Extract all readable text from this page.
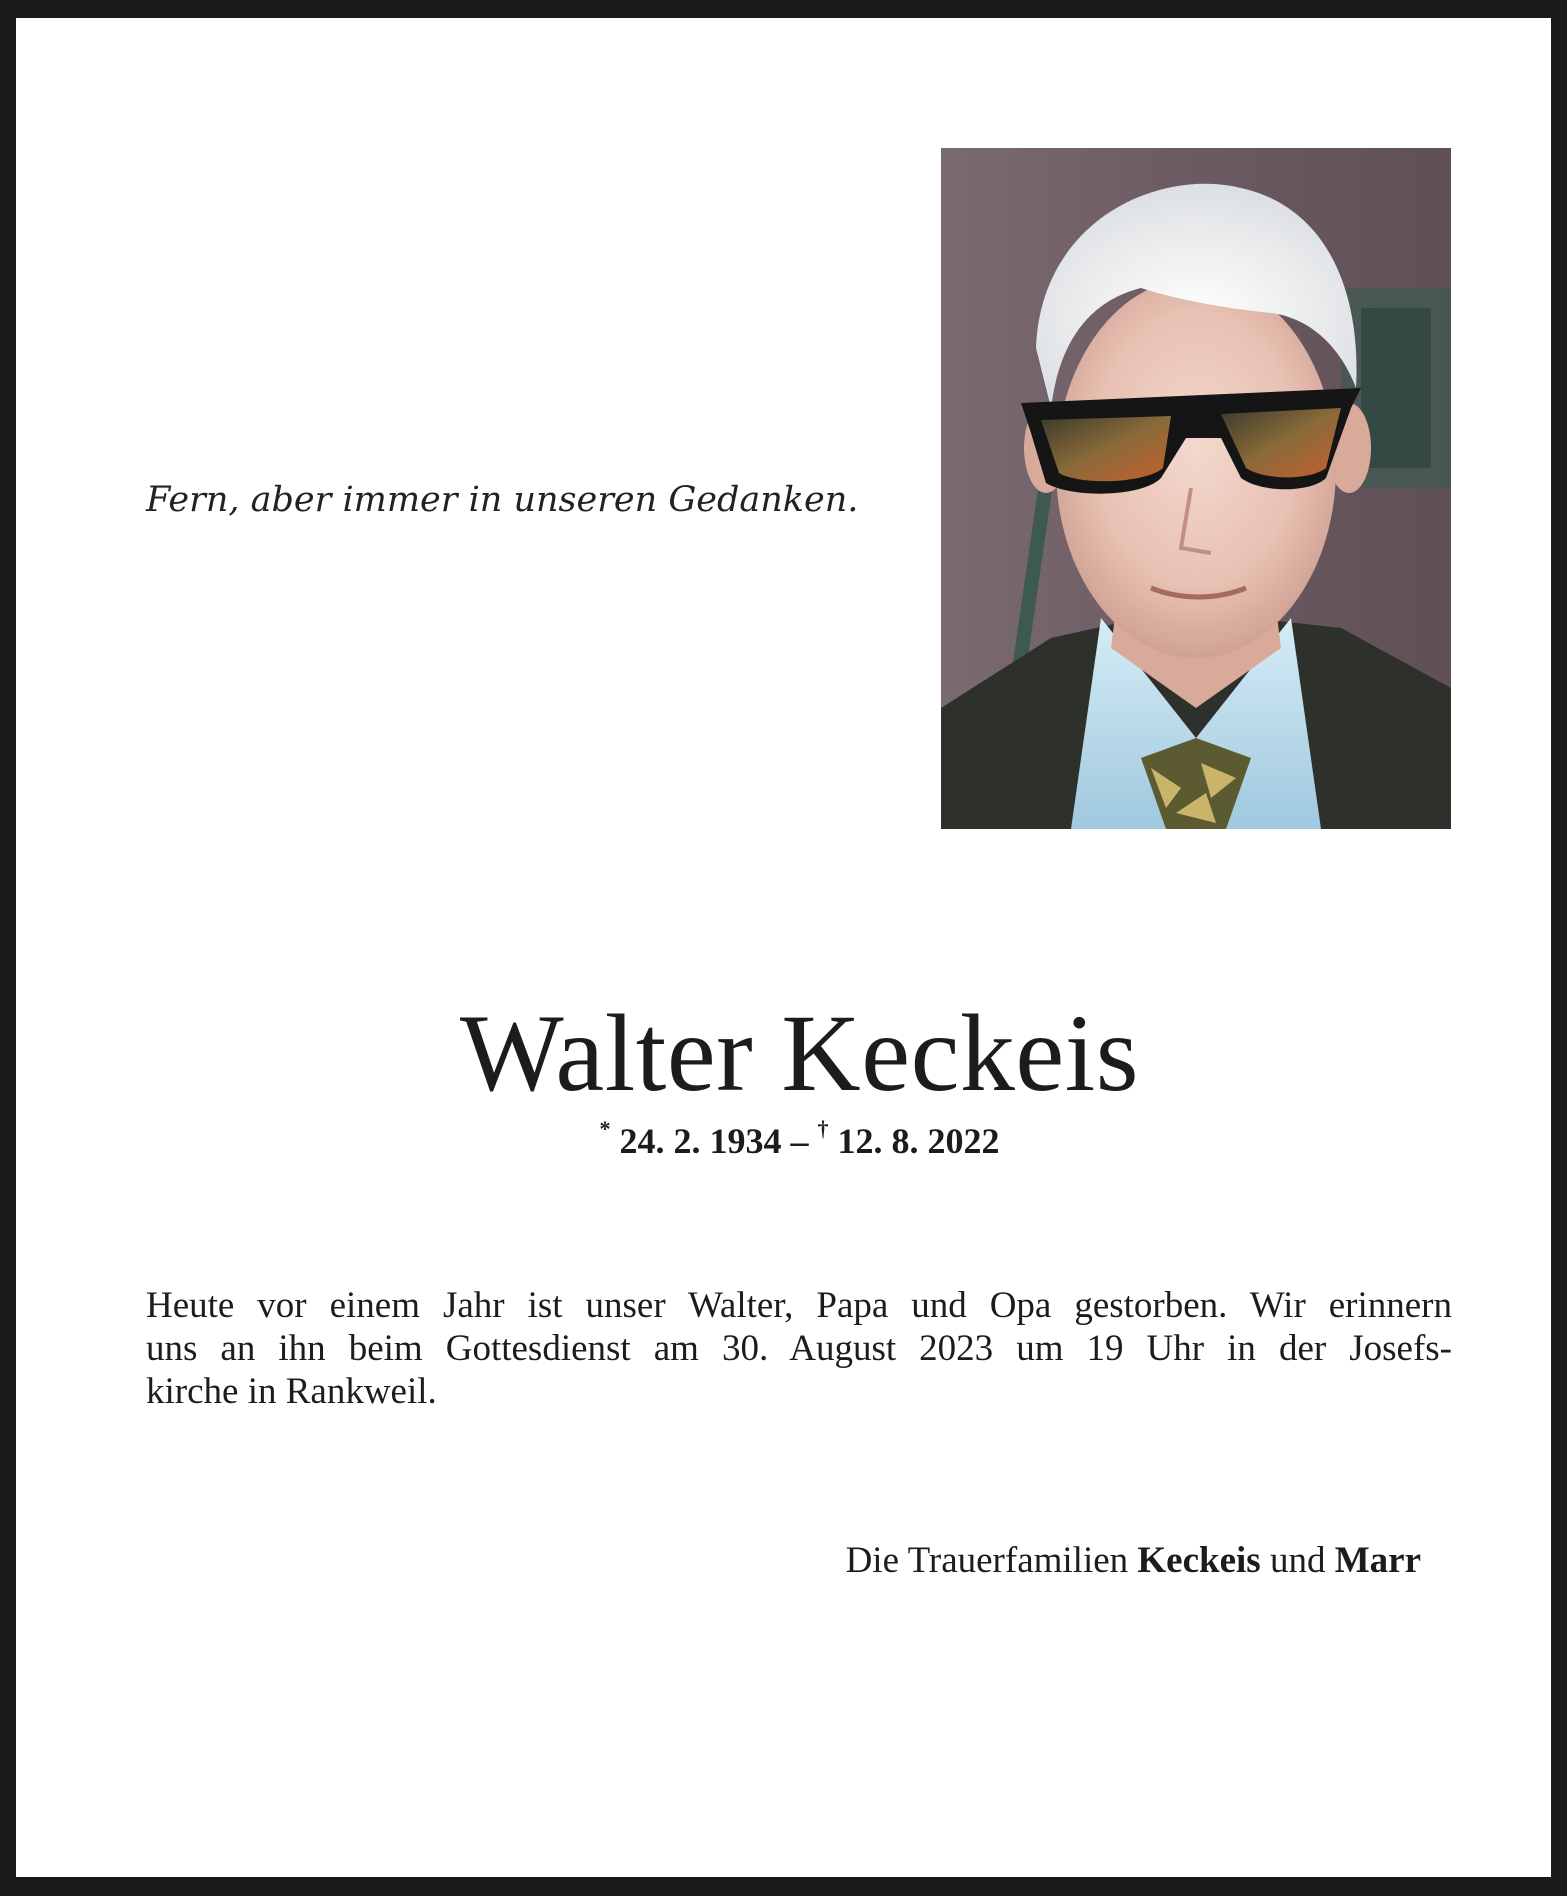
Fern, aber immer in unseren Gedanken.
Walter Keckeis
* 24. 2. 1934 – † 12. 8. 2022
Heute vor einem Jahr ist unser Walter, Papa und Opa gestorben. Wir erinnern
uns an ihn beim Gottesdienst am 30. August 2023 um 19 Uhr in der Josefs-
kirche in Rankweil.
Die Trauerfamilien Keckeis und Marr
